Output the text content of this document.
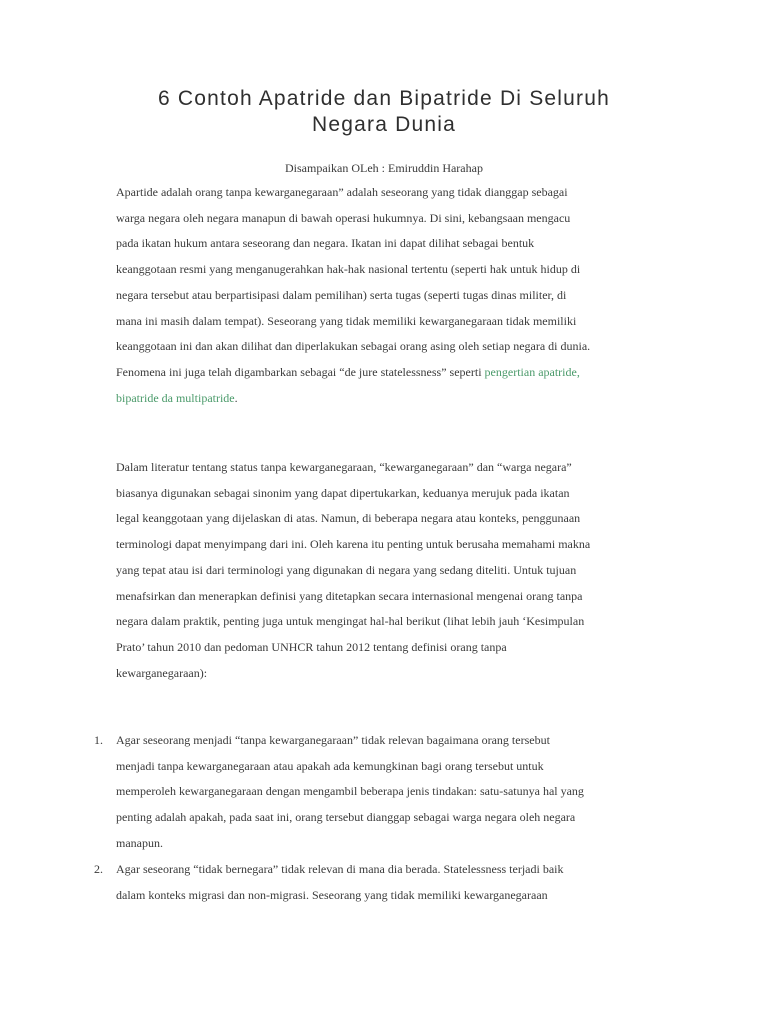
6 Contoh Apatride dan Bipatride Di Seluruh
Negara Dunia

Disampaikan OLeh : Emiruddin Harahap

Apartide adalah orang tanpa kewarganegaraan” adalah seseorang yang tidak dianggap sebagai
warga negara oleh negara manapun di bawah operasi hukumnya. Di sini, kebangsaan mengacu
pada ikatan hukum antara seseorang dan negara. Ikatan ini dapat dilihat sebagai bentuk
keanggotaan resmi yang menganugerahkan hak-hak nasional tertentu (seperti hak untuk hidup di
negara tersebut atau berpartisipasi dalam pemilihan) serta tugas (seperti tugas dinas militer, di
mana ini masih dalam tempat). Seseorang yang tidak memiliki kewarganegaraan tidak memiliki
keanggotaan ini dan akan dilihat dan diperlakukan sebagai orang asing oleh setiap negara di dunia.
Fenomena ini juga telah digambarkan sebagai “de jure statelessness” seperti pengertian apatride,
bipatride da multipatride.
Dalam literatur tentang status tanpa kewarganegaraan, “kewarganegaraan” dan “warga negara”
biasanya digunakan sebagai sinonim yang dapat dipertukarkan, keduanya merujuk pada ikatan
legal keanggotaan yang dijelaskan di atas. Namun, di beberapa negara atau konteks, penggunaan
terminologi dapat menyimpang dari ini. Oleh karena itu penting untuk berusaha memahami makna
yang tepat atau isi dari terminologi yang digunakan di negara yang sedang diteliti. Untuk tujuan
menafsirkan dan menerapkan definisi yang ditetapkan secara internasional mengenai orang tanpa
negara dalam praktik, penting juga untuk mengingat hal-hal berikut (lihat lebih jauh ‘Kesimpulan
Prato’ tahun 2010 dan pedoman UNHCR tahun 2012 tentang definisi orang tanpa
kewarganegaraan):
1.	Agar seseorang menjadi “tanpa kewarganegaraan” tidak relevan bagaimana orang tersebut
menjadi tanpa kewarganegaraan atau apakah ada kemungkinan bagi orang tersebut untuk
memperoleh kewarganegaraan dengan mengambil beberapa jenis tindakan: satu-satunya hal yang
penting adalah apakah, pada saat ini, orang tersebut dianggap sebagai warga negara oleh negara
manapun.
2.	Agar seseorang “tidak bernegara” tidak relevan di mana dia berada. Statelessness terjadi baik
dalam konteks migrasi dan non-migrasi. Seseorang yang tidak memiliki kewarganegaraan
